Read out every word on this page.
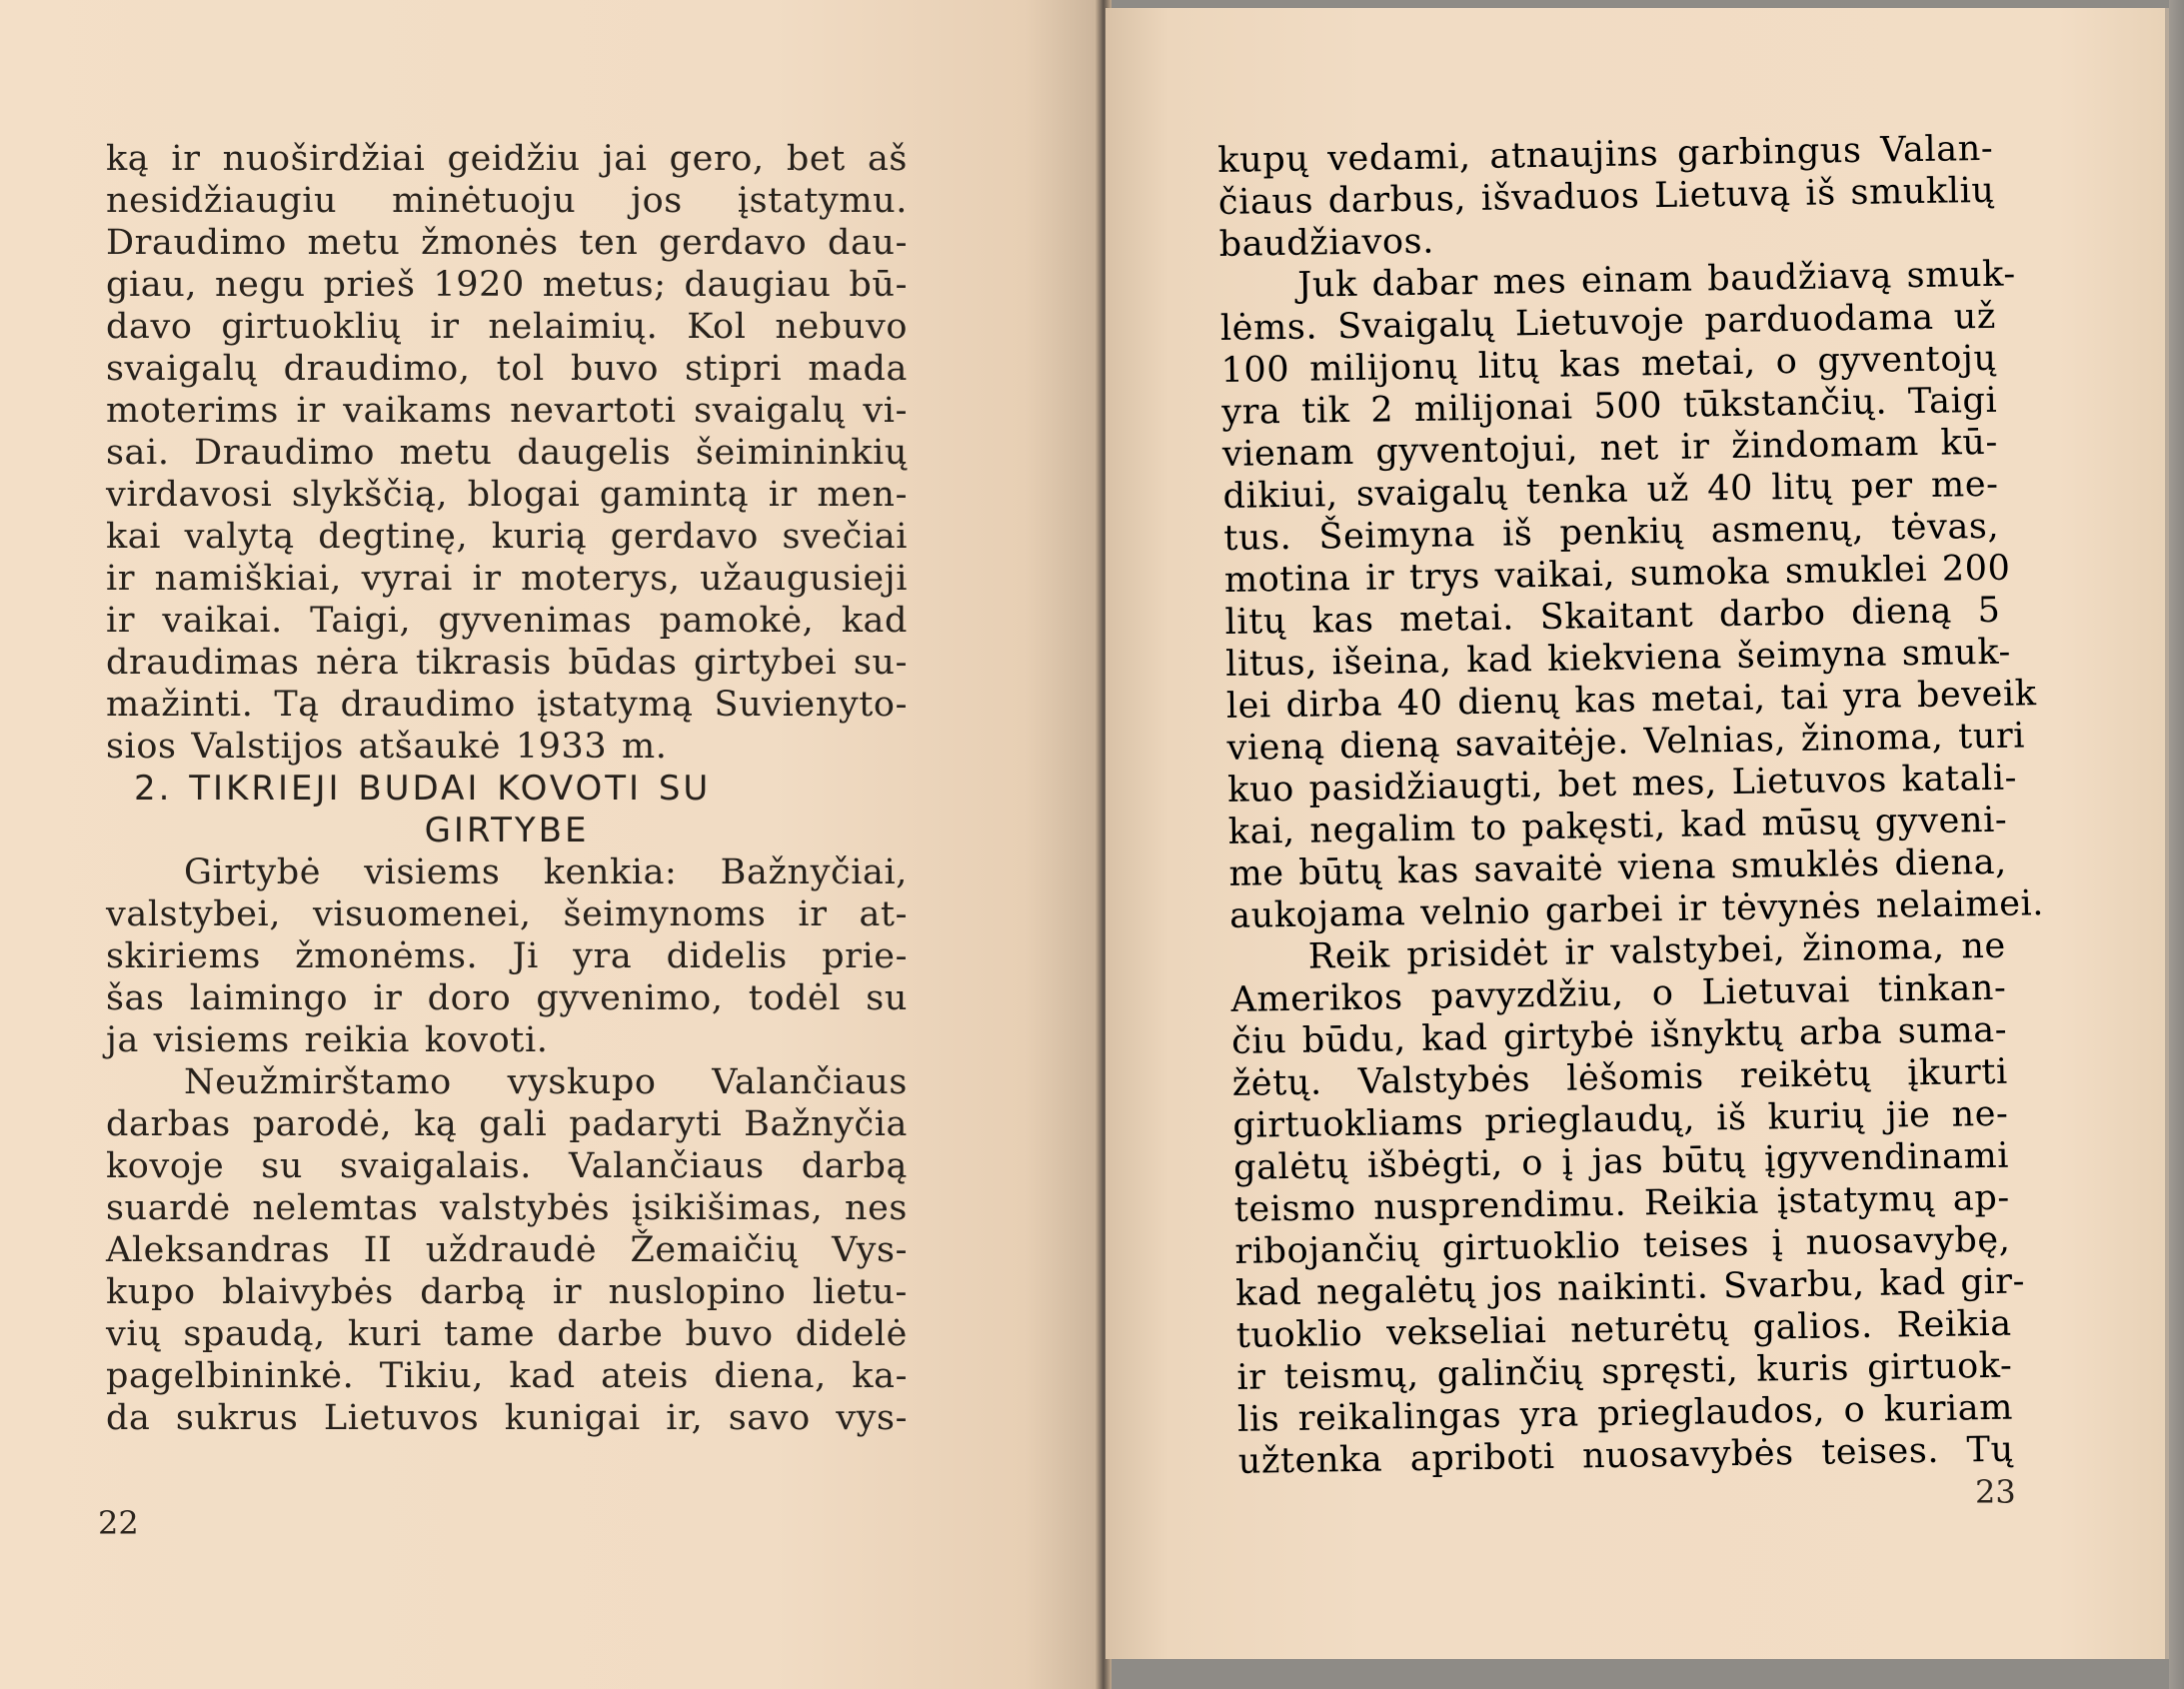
ką ir nuoširdžiai geidžiu jai gero, bet aš
nesidžiaugiu minėtuoju jos įstatymu.
Draudimo metu žmonės ten gerdavo dau-
giau, negu prieš 1920 metus; daugiau bū-
davo girtuoklių ir nelaimių. Kol nebuvo
svaigalų draudimo, tol buvo stipri mada
moterims ir vaikams nevartoti svaigalų vi-
sai. Draudimo metu daugelis šeimininkių
virdavosi slykščią, blogai gamintą ir men-
kai valytą degtinę, kurią gerdavo svečiai
ir namiškiai, vyrai ir moterys, užaugusieji
ir vaikai. Taigi, gyvenimas pamokė, kad
draudimas nėra tikrasis būdas girtybei su-
mažinti. Tą draudimo įstatymą Suvienyto-
sios Valstijos atšaukė 1933 m.
2. TIKRIEJI BUDAI KOVOTI SU
GIRTYBE
Girtybė visiems kenkia: Bažnyčiai,
valstybei, visuomenei, šeimynoms ir at-
skiriems žmonėms. Ji yra didelis prie-
šas laimingo ir doro gyvenimo, todėl su
ja visiems reikia kovoti.
Neužmirštamo vyskupo Valančiaus
darbas parodė, ką gali padaryti Bažnyčia
kovoje su svaigalais. Valančiaus darbą
suardė nelemtas valstybės įsikišimas, nes
Aleksandras II uždraudė Žemaičių Vys-
kupo blaivybės darbą ir nuslopino lietu-
vių spaudą, kuri tame darbe buvo didelė
pagelbininkė. Tikiu, kad ateis diena, ka-
da sukrus Lietuvos kunigai ir, savo vys-
22
kupų vedami, atnaujins garbingus Valan-
čiaus darbus, išvaduos Lietuvą iš smuklių
baudžiavos.
Juk dabar mes einam baudžiavą smuk-
lėms. Svaigalų Lietuvoje parduodama už
100 milijonų litų kas metai, o gyventojų
yra tik 2 milijonai 500 tūkstančių. Taigi
vienam gyventojui, net ir žindomam kū-
dikiui, svaigalų tenka už 40 litų per me-
tus. Šeimyna iš penkių asmenų, tėvas,
motina ir trys vaikai, sumoka smuklei 200
litų kas metai. Skaitant darbo dieną 5
litus, išeina, kad kiekviena šeimyna smuk-
lei dirba 40 dienų kas metai, tai yra beveik
vieną dieną savaitėje. Velnias, žinoma, turi
kuo pasidžiaugti, bet mes, Lietuvos katali-
kai, negalim to pakęsti, kad mūsų gyveni-
me būtų kas savaitė viena smuklės diena,
aukojama velnio garbei ir tėvynės nelaimei.
Reik prisidėt ir valstybei, žinoma, ne
Amerikos pavyzdžiu, o Lietuvai tinkan-
čiu būdu, kad girtybė išnyktų arba suma-
žėtų. Valstybės lėšomis reikėtų įkurti
girtuokliams prieglaudų, iš kurių jie ne-
galėtų išbėgti, o į jas būtų įgyvendinami
teismo nusprendimu. Reikia įstatymų ap-
ribojančių girtuoklio teises į nuosavybę,
kad negalėtų jos naikinti. Svarbu, kad gir-
tuoklio vekseliai neturėtų galios. Reikia
ir teismų, galinčių spręsti, kuris girtuok-
lis reikalingas yra prieglaudos, o kuriam
užtenka apriboti nuosavybės teises. Tų
23
